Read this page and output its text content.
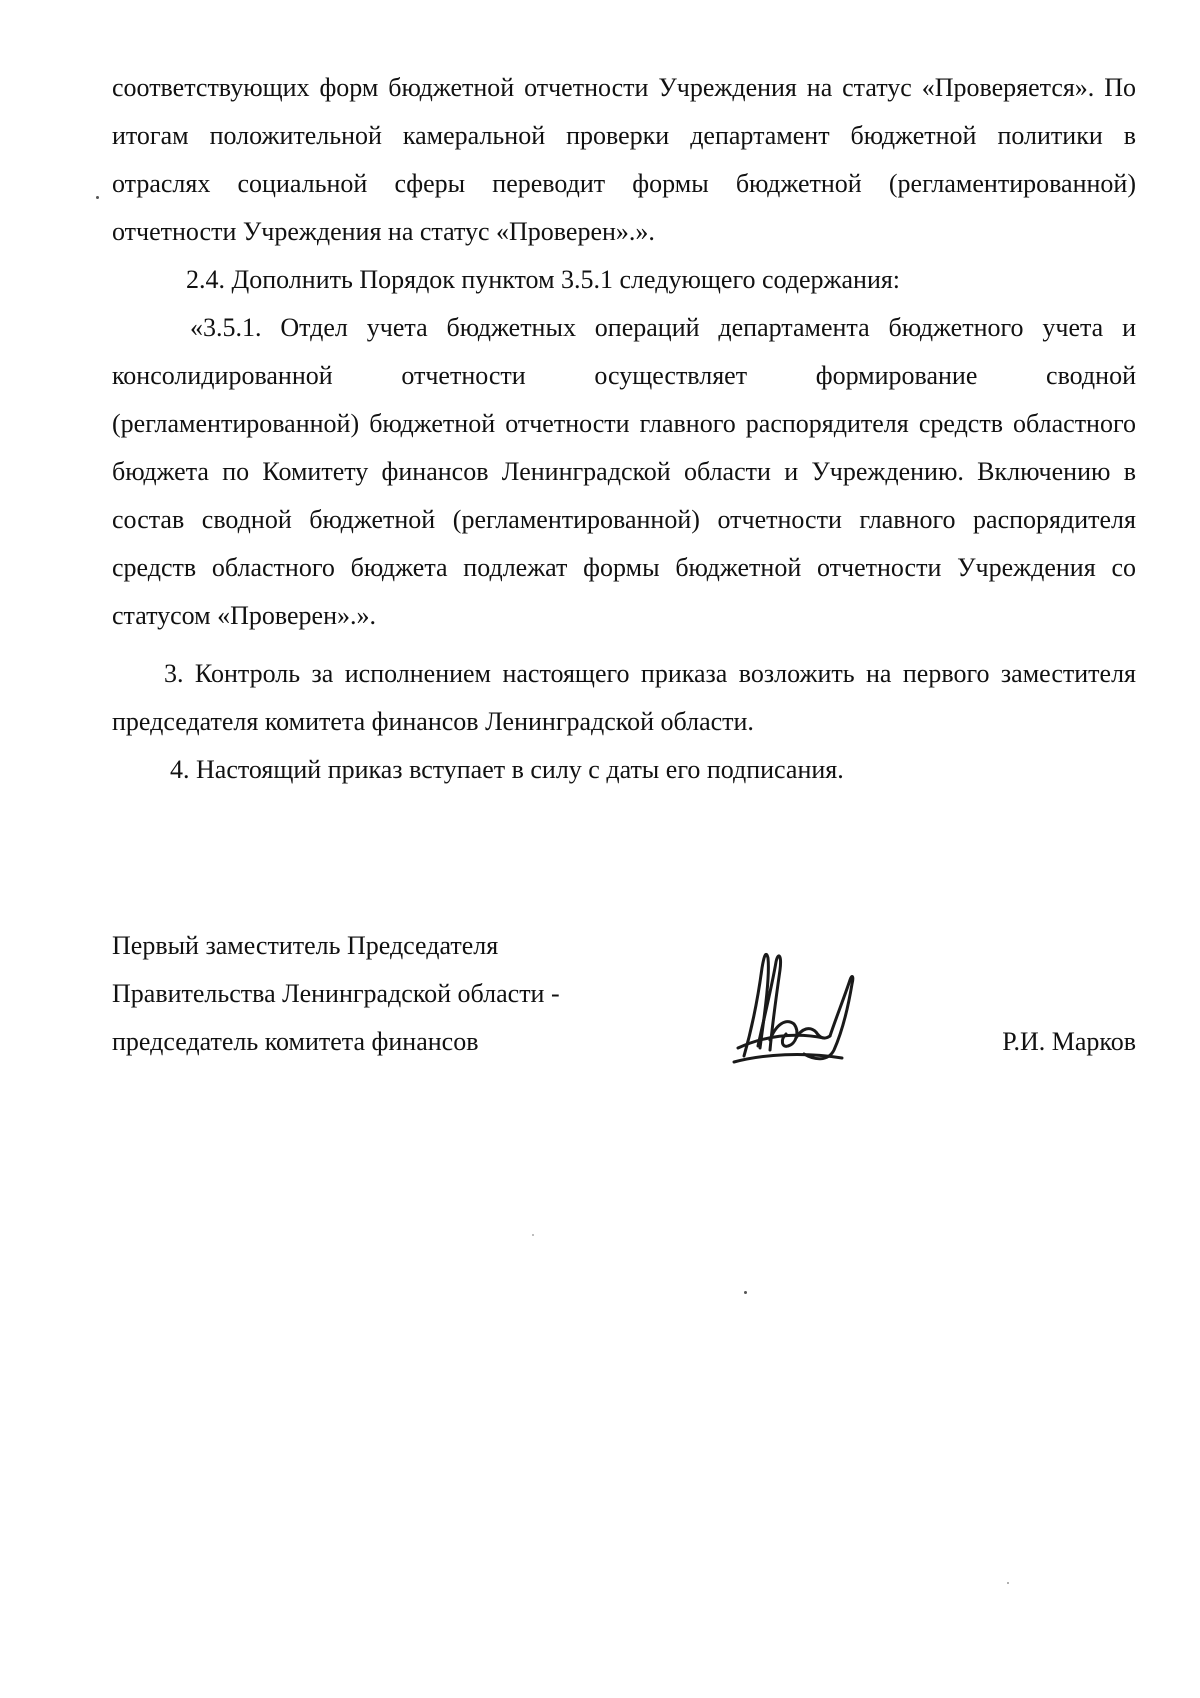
соответствующих форм бюджетной отчетности Учреждения на статус «Проверяется». По итогам положительной камеральной проверки департамент бюджетной политики в отраслях социальной сферы переводит формы бюджетной (регламентированной) отчетности Учреждения на статус «Проверен».».

2.4. Дополнить Порядок пунктом 3.5.1 следующего содержания:

«3.5.1. Отдел учета бюджетных операций департамента бюджетного учета и консолидированной отчетности осуществляет формирование сводной (регламентированной) бюджетной отчетности главного распорядителя средств областного бюджета по Комитету финансов Ленинградской области и Учреждению. Включению в состав сводной бюджетной (регламентированной) отчетности главного распорядителя средств областного бюджета подлежат формы бюджетной отчетности Учреждения со статусом «Проверен».».

3. Контроль за исполнением настоящего приказа возложить на первого заместителя председателя комитета финансов Ленинградской области.

4. Настоящий приказ вступает в силу с даты его подписания.

Первый заместитель Председателя
Правительства Ленинградской области -
председатель комитета финансов	Р.И. Марков
